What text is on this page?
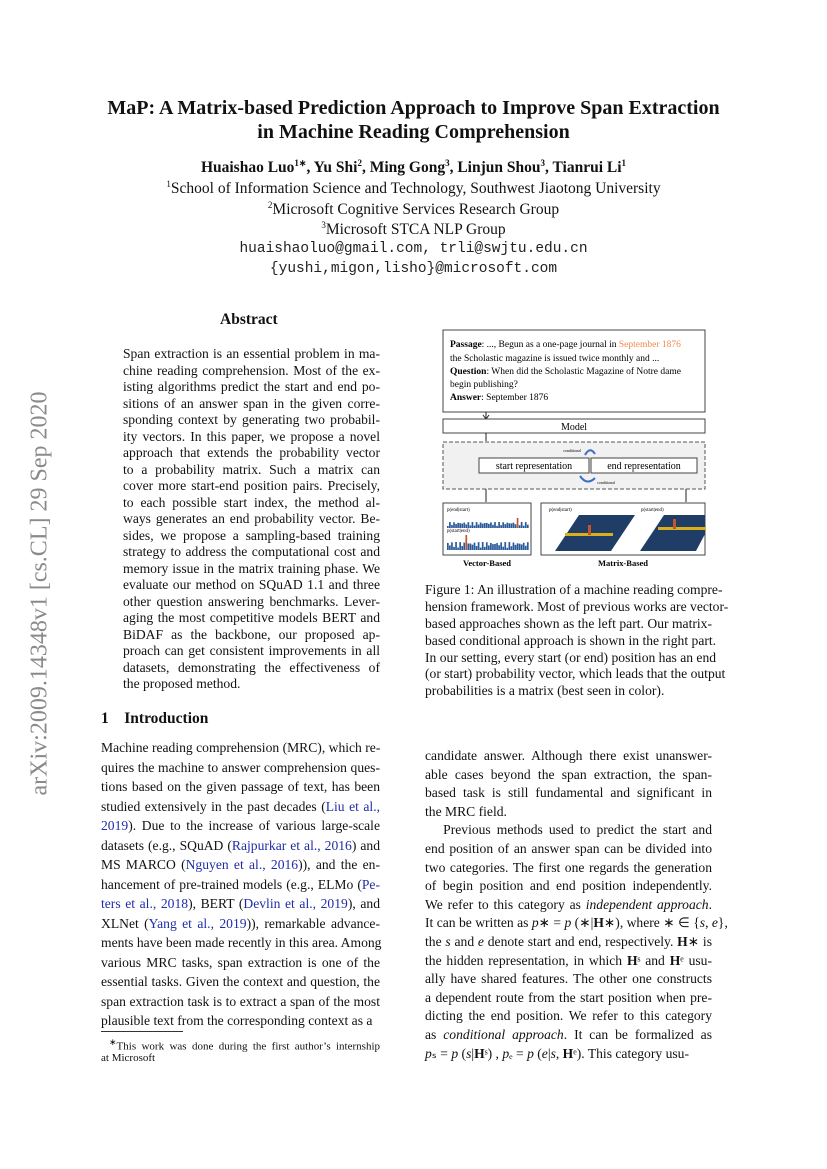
arXiv:2009.14348v1 [cs.CL] 29 Sep 2020
MaP: A Matrix-based Prediction Approach to Improve Span Extraction
in Machine Reading Comprehension
Huaishao Luo$^{1∗}$, Yu Shi$^2$, Ming Gong$^3$, Linjun Shou$^3$, Tianrui Li$^1$
$^1$School of Information Science and Technology, Southwest Jiaotong University
$^2$Microsoft Cognitive Services Research Group
$^3$Microsoft STCA NLP Group
huaishaoluo@gmail.com, trli@swjtu.edu.cn
{yushi,migon,lisho}@microsoft.com
Abstract
Span extraction is an essential problem in ma-
chine reading comprehension. Most of the ex-
isting algorithms predict the start and end po-
sitions of an answer span in the given corre-
sponding context by generating two probabil-
ity vectors. In this paper, we propose a novel
approach that extends the probability vector
to a probability matrix. Such a matrix can
cover more start-end position pairs. Precisely,
to each possible start index, the method al-
ways generates an end probability vector. Be-
sides, we propose a sampling-based training
strategy to address the computational cost and
memory issue in the matrix training phase. We
evaluate our method on SQuAD 1.1 and three
other question answering benchmarks. Lever-
aging the most competitive models BERT and
BiDAF as the backbone, our proposed ap-
proach can get consistent improvements in all
datasets, demonstrating the effectiveness of
the proposed method.
1 Introduction
Machine reading comprehension (MRC), which re-
quires the machine to answer comprehension ques-
tions based on the given passage of text, has been
studied extensively in the past decades (Liu et al.,
2019). Due to the increase of various large-scale
datasets (e.g., SQuAD (Rajpurkar et al., 2016) and
MS MARCO (Nguyen et al., 2016)), and the en-
hancement of pre-trained models (e.g., ELMo (Pe-
ters et al., 2018), BERT (Devlin et al., 2019), and
XLNet (Yang et al., 2019)), remarkable advance-
ments have been made recently in this area. Among
various MRC tasks, span extraction is one of the
essential tasks. Given the context and question, the
span extraction task is to extract a span of the most
plausible text from the corresponding context as a
candidate answer. Although there exist unanswer-
able cases beyond the span extraction, the span-
based task is still fundamental and significant in
the MRC field.
Previous methods used to predict the start and
end position of an answer span can be divided into
two categories. The first one regards the generation
of begin position and end position independently.
We refer to this category as independent approach.
It can be written as p∗ = p (∗|H∗), where ∗ ∈ {s, e},
the s and e denote start and end, respectively. H∗ is
the hidden representation, in which Hˢ and Hᵉ usu-
ally have shared features. The other one constructs
a dependent route from the start position when pre-
dicting the end position. We refer to this category
as conditional approach. It can be formalized as
pₛ = p (s|Hˢ) , pₑ = p (e|s, Hᵉ). This category usu-
Passage: ..., Begun as a one-page journal in September 1876
the Scholastic magazine is issued twice monthly and ...
Question: When did the Scholastic Magazine of Notre dame
begin publishing?
Answer: September 1876
Model
start representation	end representation
conditional
conditional
p(end|start)
p(start|end)
p(end|start)	p(start|end)
Vector-Based	Matrix-Based
Figure 1: An illustration of a machine reading compre-
hension framework. Most of previous works are vector-
based approaches shown as the left part. Our matrix-
based conditional approach is shown in the right part.
In our setting, every start (or end) position has an end
(or start) probability vector, which leads that the output
probabilities is a matrix (best seen in color).
∗This work was done during the first author’s internship
at Microsoft
